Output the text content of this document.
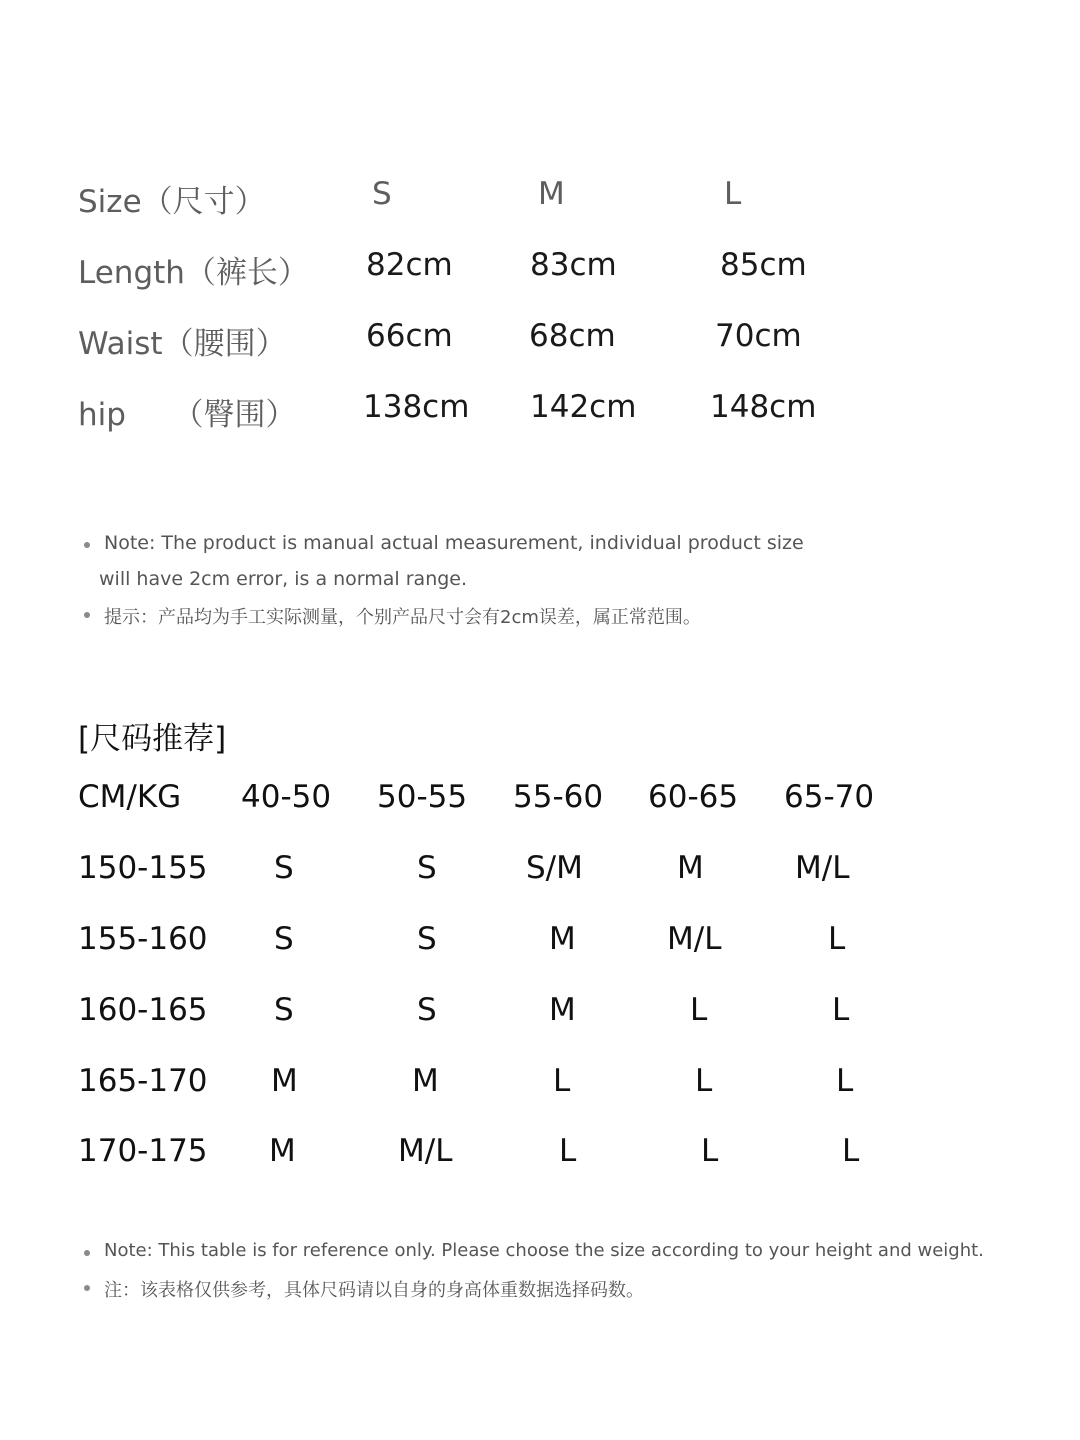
Size（尺寸）	S	M	L
Length（裤长） 82cm 83cm	85cm
Waist（腰围）	66cm 68cm	70cm
hip　　（臀围） 138cm 142cm 148cm
Note: The product is manual actual measurement, individual product size
will have 2cm error, is a normal range.
提示：产品均为手工实际测量，个别产品尺寸会有2cm误差，属正常范围。
[尺码推荐]
CM/KG 40-50 50-55 55-60 60-65 65-70
150-155 S	S	S/M	M	M/L
155-160 S	S	M	M/L	L
160-165 S	S	M	L	L
165-170 M	M	L	L	L
170-175 M	M/L	L	L	L
Note: This table is for reference only. Please choose the size according to your height and weight.
注：该表格仅供参考，具体尺码请以自身的身高体重数据选择码数。
